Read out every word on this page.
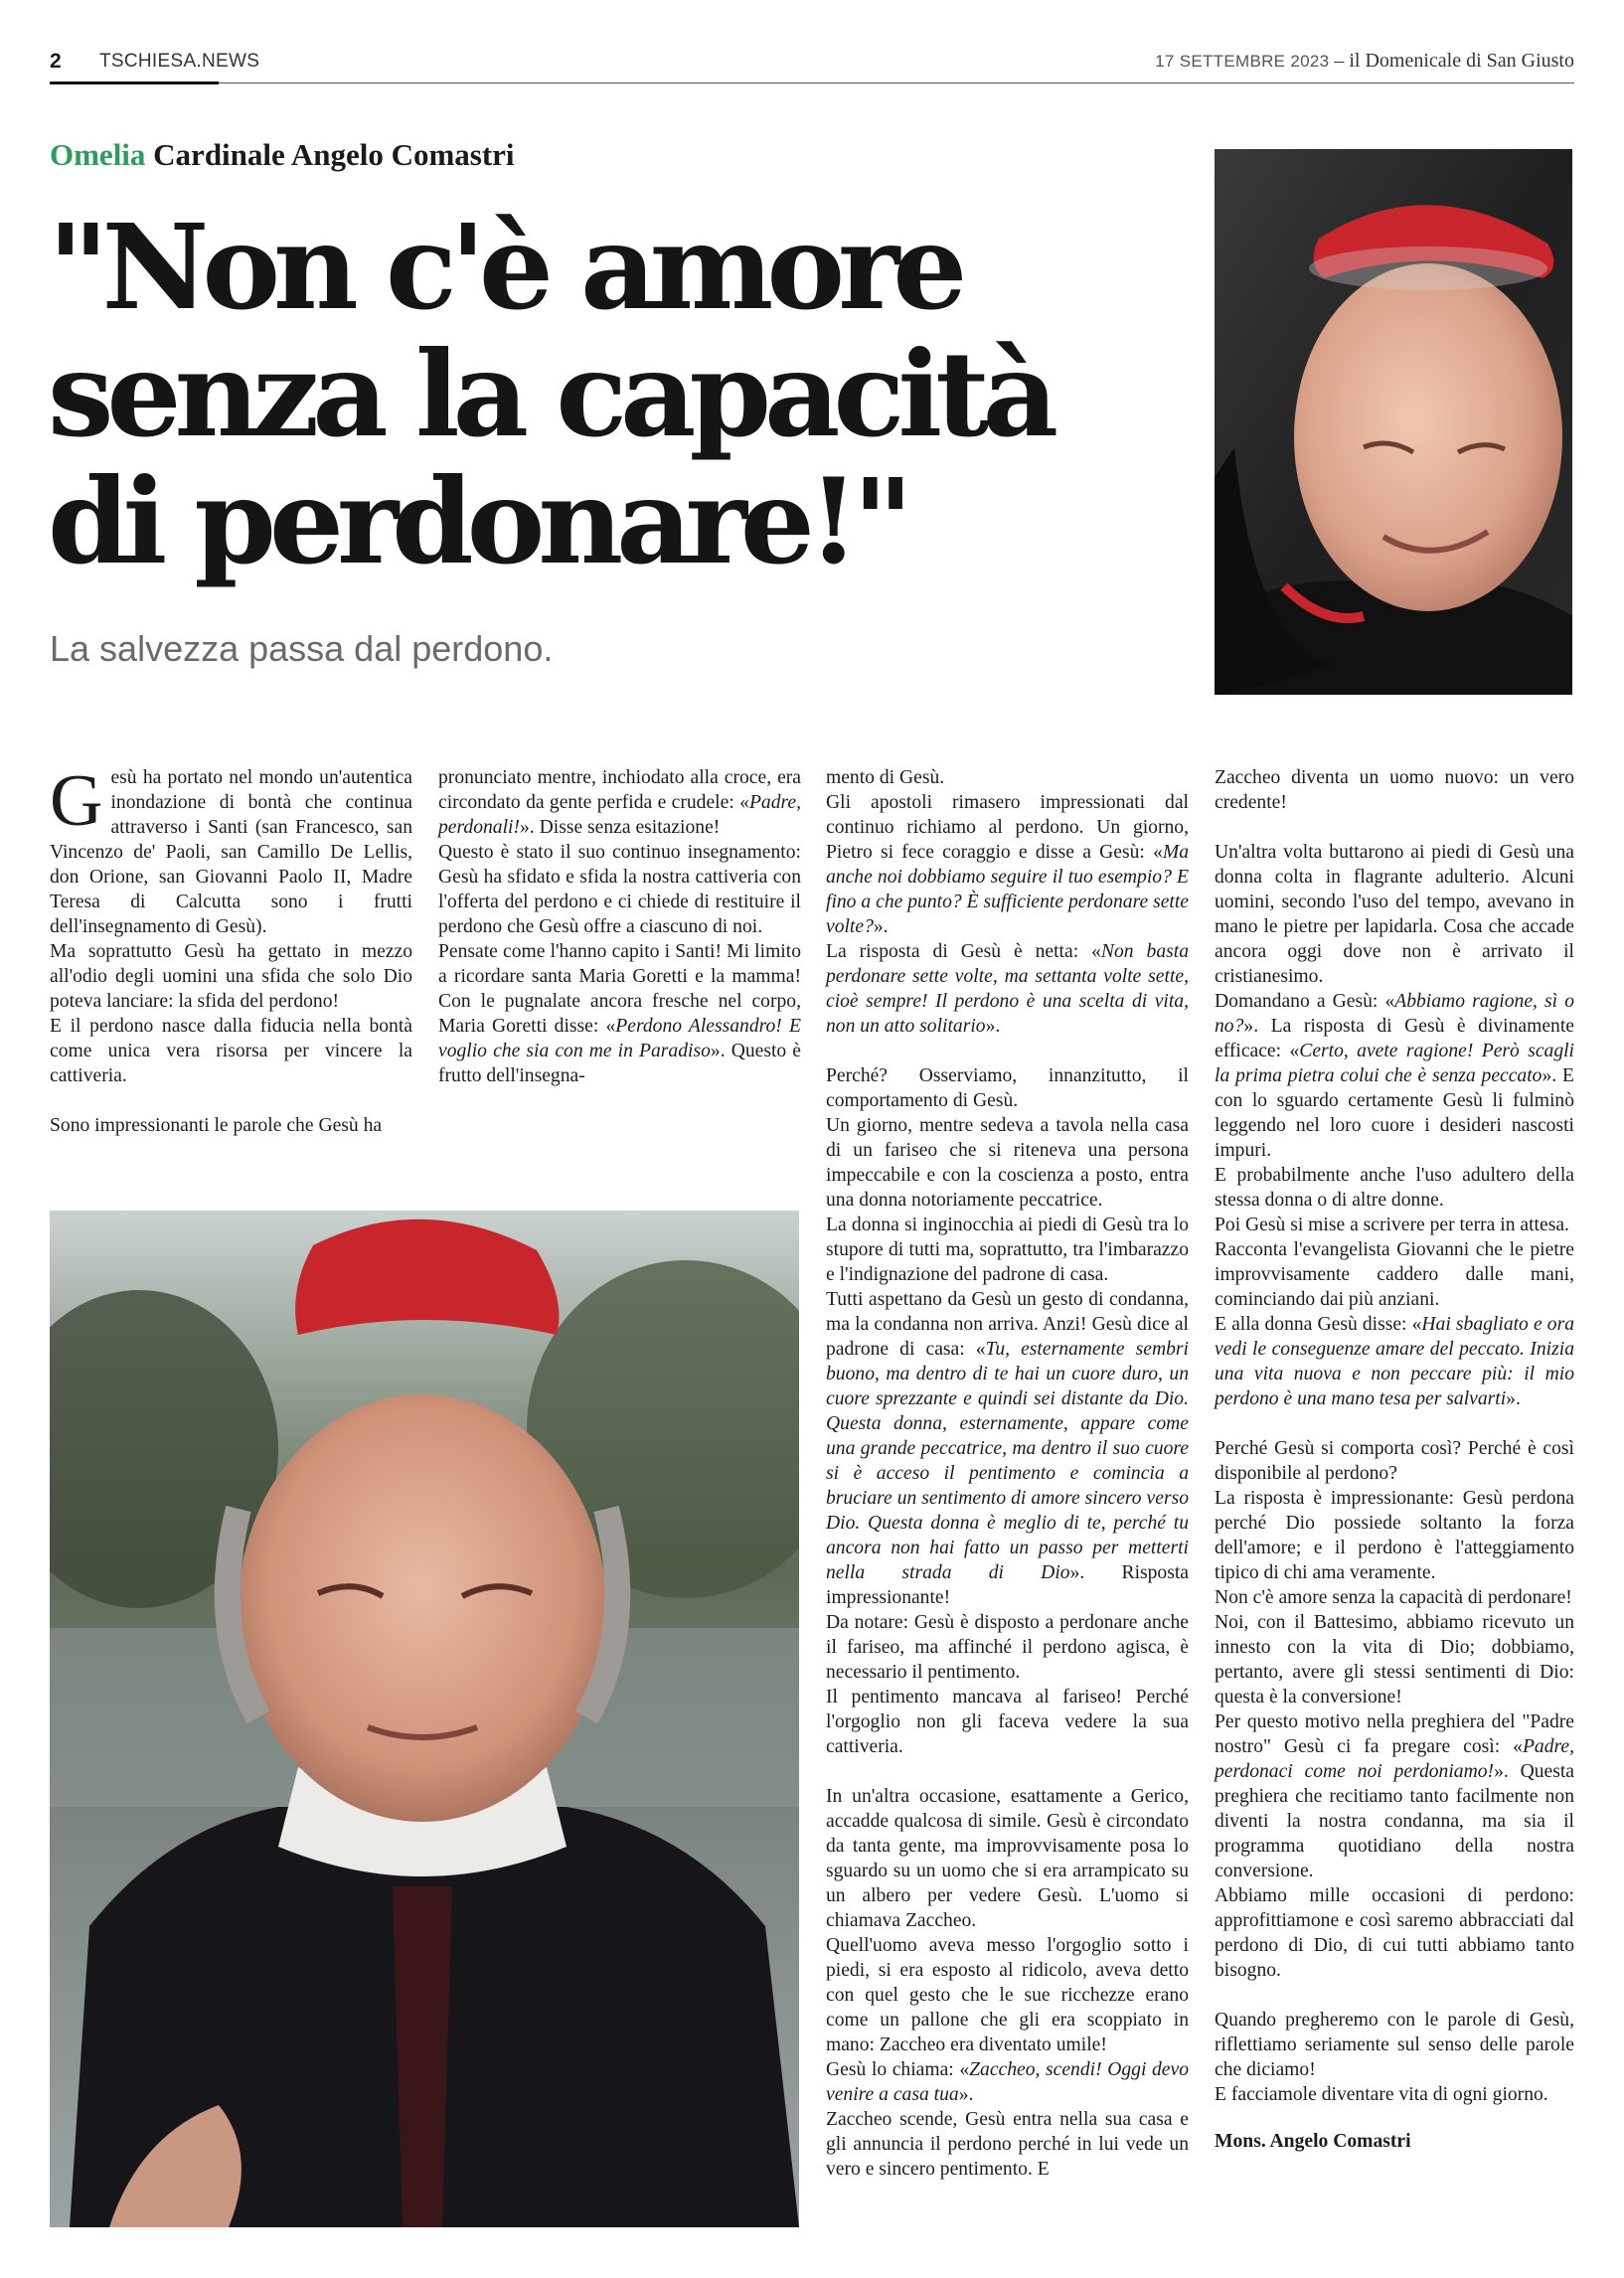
2 TSCHIESA.NEWS	17 SETTEMBRE 2023 – il Domenicale di San Giusto
Omelia Cardinale Angelo Comastri
"Non c'è amore
senza la capacità
di perdonare!"
La salvezza passa dal perdono.

Gesù ha portato nel mondo un'autentica inondazione di bontà che continua attraverso i Santi (san Francesco, san Vincenzo de' Paoli, san Camillo De Lellis, don Orione, san Giovanni Paolo II, Madre Teresa di Calcutta sono i frutti dell'insegnamento di Gesù).

Ma soprattutto Gesù ha gettato in mezzo all'odio degli uomini una sfida che solo Dio poteva lanciare: la sfida del perdono!

E il perdono nasce dalla fiducia nella bontà come unica vera risorsa per vincere la cattiveria.

Sono impressionanti le parole che Gesù ha

pronunciato mentre, inchiodato alla croce, era circondato da gente perfida e crudele: «Padre, perdonali!». Disse senza esitazione!

Questo è stato il suo continuo insegnamento: Gesù ha sfidato e sfida la nostra cattiveria con l'offerta del perdono e ci chiede di restituire il perdono che Gesù offre a ciascuno di noi.

Pensate come l'hanno capito i Santi! Mi limito a ricordare santa Maria Goretti e la mamma! Con le pugnalate ancora fresche nel corpo, Maria Goretti disse: «Perdono Alessandro! E voglio che sia con me in Paradiso». Questo è frutto dell'insegna-

mento di Gesù.

Gli apostoli rimasero impressionati dal continuo richiamo al perdono. Un giorno, Pietro si fece coraggio e disse a Gesù: «Ma anche noi dobbiamo seguire il tuo esempio? E fino a che punto? È sufficiente perdonare sette volte?».

La risposta di Gesù è netta: «Non basta perdonare sette volte, ma settanta volte sette, cioè sempre! Il perdono è una scelta di vita, non un atto solitario».

Perché? Osserviamo, innanzitutto, il comportamento di Gesù.

Un giorno, mentre sedeva a tavola nella casa di un fariseo che si riteneva una persona impeccabile e con la coscienza a posto, entra una donna notoriamente peccatrice.

La donna si inginocchia ai piedi di Gesù tra lo stupore di tutti ma, soprattutto, tra l'imbarazzo e l'indignazione del padrone di casa.

Tutti aspettano da Gesù un gesto di condanna, ma la condanna non arriva. Anzi! Gesù dice al padrone di casa: «Tu, esternamente sembri buono, ma dentro di te hai un cuore duro, un cuore sprezzante e quindi sei distante da Dio. Questa donna, esternamente, appare come una grande peccatrice, ma dentro il suo cuore si è acceso il pentimento e comincia a bruciare un sentimento di amore sincero verso Dio. Questa donna è meglio di te, perché tu ancora non hai fatto un passo per metterti nella strada di Dio». Risposta impressionante!

Da notare: Gesù è disposto a perdonare anche il fariseo, ma affinché il perdono agisca, è necessario il pentimento.

Il pentimento mancava al fariseo! Perché l'orgoglio non gli faceva vedere la sua cattiveria.

In un'altra occasione, esattamente a Gerico, accadde qualcosa di simile. Gesù è circondato da tanta gente, ma improvvisamente posa lo sguardo su un uomo che si era arrampicato su un albero per vedere Gesù. L'uomo si chiamava Zaccheo.

Quell'uomo aveva messo l'orgoglio sotto i piedi, si era esposto al ridicolo, aveva detto con quel gesto che le sue ricchezze erano come un pallone che gli era scoppiato in mano: Zaccheo era diventato umile!

Gesù lo chiama: «Zaccheo, scendi! Oggi devo venire a casa tua».

Zaccheo scende, Gesù entra nella sua casa e gli annuncia il perdono perché in lui vede un vero e sincero pentimento. E

Zaccheo diventa un uomo nuovo: un vero credente!

Un'altra volta buttarono ai piedi di Gesù una donna colta in flagrante adulterio. Alcuni uomini, secondo l'uso del tempo, avevano in mano le pietre per lapidarla. Cosa che accade ancora oggi dove non è arrivato il cristianesimo.

Domandano a Gesù: «Abbiamo ragione, sì o no?». La risposta di Gesù è divinamente efficace: «Certo, avete ragione! Però scagli la prima pietra colui che è senza peccato». E con lo sguardo certamente Gesù li fulminò leggendo nel loro cuore i desideri nascosti impuri.

E probabilmente anche l'uso adultero della stessa donna o di altre donne.

Poi Gesù si mise a scrivere per terra in attesa.

Racconta l'evangelista Giovanni che le pietre improvvisamente caddero dalle mani, cominciando dai più anziani.

E alla donna Gesù disse: «Hai sbagliato e ora vedi le conseguenze amare del peccato. Inizia una vita nuova e non peccare più: il mio perdono è una mano tesa per salvarti».

Perché Gesù si comporta così? Perché è così disponibile al perdono?

La risposta è impressionante: Gesù perdona perché Dio possiede soltanto la forza dell'amore; e il perdono è l'atteggiamento tipico di chi ama veramente.

Non c'è amore senza la capacità di perdonare!

Noi, con il Battesimo, abbiamo ricevuto un innesto con la vita di Dio; dobbiamo, pertanto, avere gli stessi sentimenti di Dio: questa è la conversione!

Per questo motivo nella preghiera del "Padre nostro" Gesù ci fa pregare così: «Padre, perdonaci come noi perdoniamo!». Questa preghiera che recitiamo tanto facilmente non diventi la nostra condanna, ma sia il programma quotidiano della nostra conversione.

Abbiamo mille occasioni di perdono: approfittiamone e così saremo abbracciati dal perdono di Dio, di cui tutti abbiamo tanto bisogno.

Quando pregheremo con le parole di Gesù, riflettiamo seriamente sul senso delle parole che diciamo!

E facciamole diventare vita di ogni giorno.

Mons. Angelo Comastri
